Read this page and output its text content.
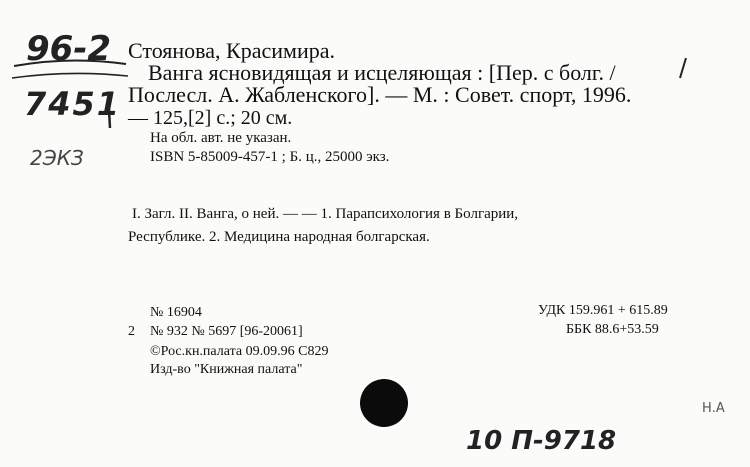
96-2
7451
2ЭКЗ
10 П-9718
Н.А
Стоянова, Красимира.
Ванга ясновидящая и исцеляющая : [Пер. с болг. /
Послесл. А. Жабленского]. — М. : Совет. спорт, 1996.
— 125,[2] с.; 20 см.
На обл. авт. не указан.
ISBN 5-85009-457-1 ; Б. ц., 25000 экз.
I. Загл. II. Ванга, о ней. — — 1. Парапсихология в Болгарии,
Республике. 2. Медицина народная болгарская.
№ 16904
2 № 932 № 5697 [96-20061]
©Рос.кн.палата 09.09.96 С829
Изд-во "Книжная палата"
УДК 159.961 + 615.89
ББК 88.6+53.59
